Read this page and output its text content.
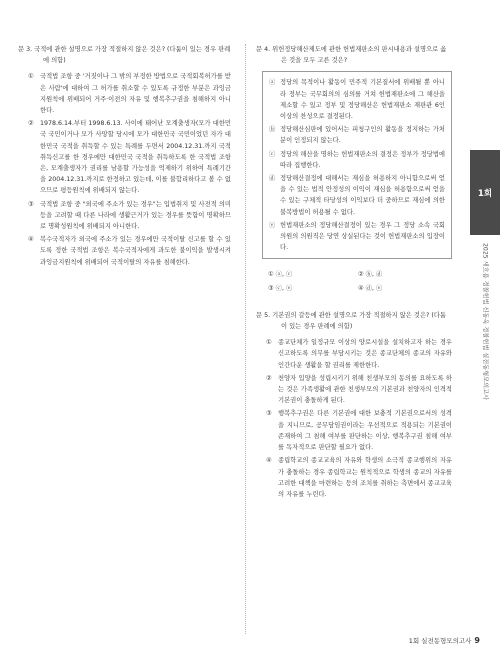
문 3. 국적에 관한 설명으로 가장 적절하지 않은 것은? (다툼이 있는 경우 판례에 의함)
① 국적법 조항 중 '거짓이나 그 밖의 부정한 방법으로 국적회복허가를 받은 사람'에 대하여 그 허가를 취소할 수 있도록 규정한 부분은 과잉금지원칙에 위배되어 거주·이전의 자유 및 행복추구권을 침해하지 아니한다.
② 1978.6.14.부터 1998.6.13. 사이에 태어난 모계출생자(모가 대한민국 국민이거나 모가 사망할 당시에 모가 대한민국 국민이었던 자가 대한민국 국적을 취득할 수 있는 특례를 두면서 2004.12.31.까지 국적취득신고를 한 경우에만 대한민국 국적을 취득하도록 한 국적법 조항은, 모계출생자가 권리를 남용할 가능성을 억제하기 위하여 특례기간을 2004.12.31.까지로 한정하고 있는데, 이를 불합리하다고 볼 수 없으므로 평등원칙에 위배되지 않는다.
③ 국적법 조항 중 "외국에 주소가 있는 경우"는 입법취지 및 사전적 의미 등을 고려할 때 다른 나라에 생활근거가 있는 경우를 뜻함이 명확하므로 명확성원칙에 위배되지 아니한다.
④ 복수국적자가 외국에 주소가 있는 경우에만 국적이탈 신고를 할 수 있도록 정한 국적법 조항은 복수국적자에게 과도한 불이익을 발생시켜 과잉금지원칙에 위배되어 국적이탈의 자유를 침해한다.
문 4. 위헌정당해산제도에 관한 헌법재판소의 판시내용과 설명으로 옳은 것을 모두 고른 것은?
ⓐ 정당의 목적이나 활동이 민주적 기본질서에 위배될 뿐 아니라 정부는 국무회의의 심의를 거쳐 헌법재판소에 그 해산을 제소할 수 있고 정부 및 정당해산은 헌법재판소 재판관 6인 이상의 찬성으로 결정된다.
ⓑ 정당해산심판에 있어서는 피청구인의 활동을 정지하는 가처분이 인정되지 않는다.
ⓒ 정당의 해산을 명하는 헌법재판소의 결정은 정부가 정당법에 따라 집행한다.
ⓓ 정당해산결정에 대해서는 재심을 허용하지 아니함으로써 얻을 수 있는 법적 안정성의 이익이 재심을 허용함으로써 얻을 수 있는 구체적 타당성의 이익보다 더 중하므로 재심에 의한 불복방법이 허용될 수 없다.
ⓔ 헌법재판소의 정당해산결정이 있는 경우 그 정당 소속 국회의원의 의원직은 당연 상실된다는 것이 헌법재판소의 입장이다.
① ⓐ, ⓒ	② ⓑ, ⓓ
③ ⓒ, ⓔ	④ ⓓ, ⓔ
문 5. 기본권의 갈등에 관한 설명으로 가장 적절하지 않은 것은? (다툼이 있는 경우 판례에 의함)
① 종교단체가 일정규모 이상의 양로시설을 설치하고자 하는 경우 신고하도록 의무를 부담시키는 것은 종교단체의 종교의 자유와 인간다운 생활을 할 권리를 제한한다.
② 천양자 입양을 성립시키기 위해 친생부모의 동의를 요하도록 하는 것은 가족생활에 관한 친생부모의 기본권과 친양자의 인격적 기본권이 충돌하게 된다.
③ 행복추구권은 다른 기본권에 대한 보충적 기본권으로서의 성격을 지니므로, 공무담임권이라는 우선적으로 적용되는 기본권이 존재하여 그 침해 여부를 판단하는 이상, 행복추구권 침해 여부를 독자적으로 판단할 필요가 없다.
④ 종립학교의 종교교육의 자유와 학생의 소극적 종교행위의 자유가 충돌하는 경우 종립학교는 원칙적으로 학생의 종교의 자유를 고려한 대책을 마련하는 등의 조치를 취하는 측면에서 종교교육의 자유를 누린다.
1회
2025 새흐름 경찰헌법 신동욱 경찰헌법 실전동형모의고사
1회 실전동형모의고사 9
